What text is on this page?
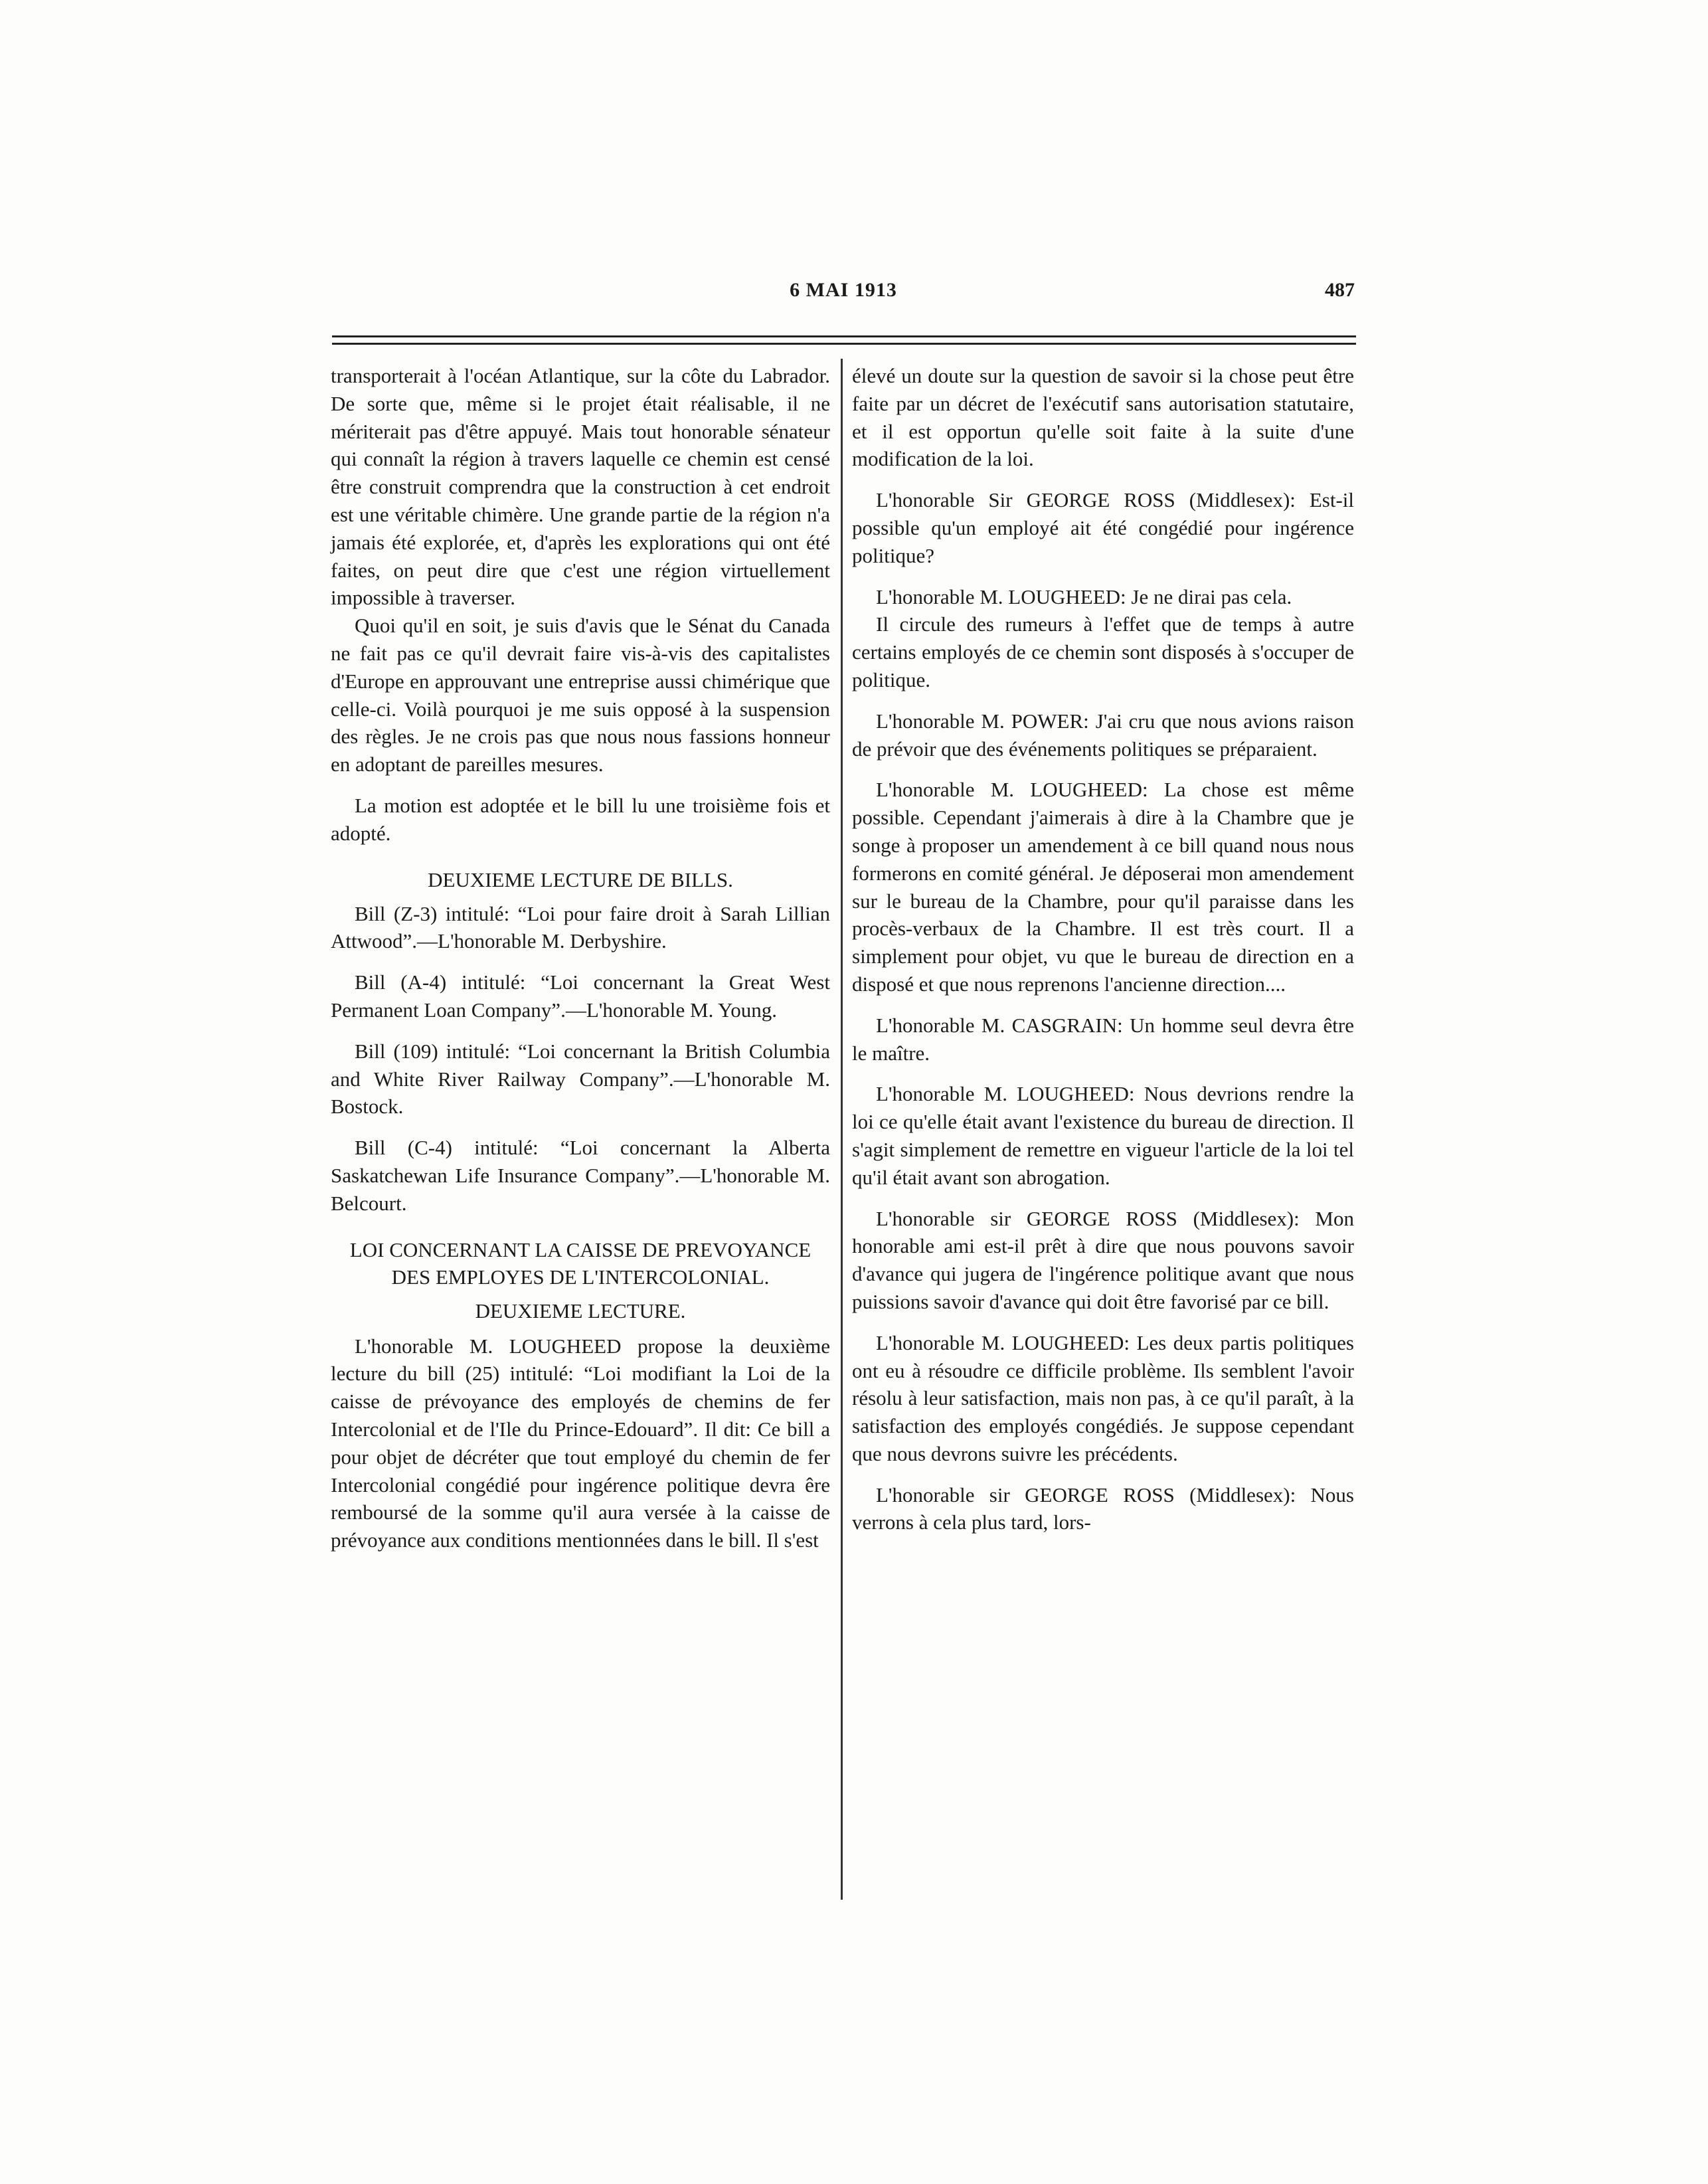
6 MAI 1913	487

transporterait à l'océan Atlantique, sur la côte du Labrador. De sorte que, même si le projet était réalisable, il ne mériterait pas d'être appuyé. Mais tout honorable sénateur qui connaît la région à travers laquelle ce chemin est censé être construit comprendra que la construction à cet endroit est une véritable chimère. Une grande partie de la région n'a jamais été explorée, et, d'après les explorations qui ont été faites, on peut dire que c'est une région virtuellement impossible à traverser.

Quoi qu'il en soit, je suis d'avis que le Sénat du Canada ne fait pas ce qu'il devrait faire vis-à-vis des capitalistes d'Europe en approuvant une entreprise aussi chimérique que celle-ci. Voilà pourquoi je me suis opposé à la suspension des règles. Je ne crois pas que nous nous fassions honneur en adoptant de pareilles mesures.

La motion est adoptée et le bill lu une troisième fois et adopté.

DEUXIEME LECTURE DE BILLS.

Bill (Z-3) intitulé: “Loi pour faire droit à Sarah Lillian Attwood”.—L'honorable M. Derbyshire.

Bill (A-4) intitulé: “Loi concernant la Great West Permanent Loan Company”.—L'honorable M. Young.

Bill (109) intitulé: “Loi concernant la British Columbia and White River Railway Company”.—L'honorable M. Bostock.

Bill (C-4) intitulé: “Loi concernant la Alberta Saskatchewan Life Insurance Company”.—L'honorable M. Belcourt.

LOI CONCERNANT LA CAISSE DE PREVOYANCE DES EMPLOYES DE L'INTERCOLONIAL.
DEUXIEME LECTURE.

L'honorable M. LOUGHEED propose la deuxième lecture du bill (25) intitulé: “Loi modifiant la Loi de la caisse de prévoyance des employés de chemins de fer Intercolonial et de l'Ile du Prince-Edouard”. Il dit: Ce bill a pour objet de décréter que tout employé du chemin de fer Intercolonial congédié pour ingérence politique devra êre remboursé de la somme qu'il aura versée à la caisse de prévoyance aux conditions mentionnées dans le bill. Il s'est

élevé un doute sur la question de savoir si la chose peut être faite par un décret de l'exécutif sans autorisation statutaire, et il est opportun qu'elle soit faite à la suite d'une modification de la loi.

L'honorable Sir GEORGE ROSS (Middlesex): Est-il possible qu'un employé ait été congédié pour ingérence politique?

L'honorable M. LOUGHEED: Je ne dirai pas cela.

Il circule des rumeurs à l'effet que de temps à autre certains employés de ce chemin sont disposés à s'occuper de politique.

L'honorable M. POWER: J'ai cru que nous avions raison de prévoir que des événements politiques se préparaient.

L'honorable M. LOUGHEED: La chose est même possible. Cependant j'aimerais à dire à la Chambre que je songe à proposer un amendement à ce bill quand nous nous formerons en comité général. Je déposerai mon amendement sur le bureau de la Chambre, pour qu'il paraisse dans les procès-verbaux de la Chambre. Il est très court. Il a simplement pour objet, vu que le bureau de direction en a disposé et que nous reprenons l'ancienne direction....

L'honorable M. CASGRAIN: Un homme seul devra être le maître.

L'honorable M. LOUGHEED: Nous devrions rendre la loi ce qu'elle était avant l'existence du bureau de direction. Il s'agit simplement de remettre en vigueur l'article de la loi tel qu'il était avant son abrogation.

L'honorable sir GEORGE ROSS (Middlesex): Mon honorable ami est-il prêt à dire que nous pouvons savoir d'avance qui jugera de l'ingérence politique avant que nous puissions savoir d'avance qui doit être favorisé par ce bill.

L'honorable M. LOUGHEED: Les deux partis politiques ont eu à résoudre ce difficile problème. Ils semblent l'avoir résolu à leur satisfaction, mais non pas, à ce qu'il paraît, à la satisfaction des employés congédiés. Je suppose cependant que nous devrons suivre les précédents.

L'honorable sir GEORGE ROSS (Middlesex): Nous verrons à cela plus tard, lors-
